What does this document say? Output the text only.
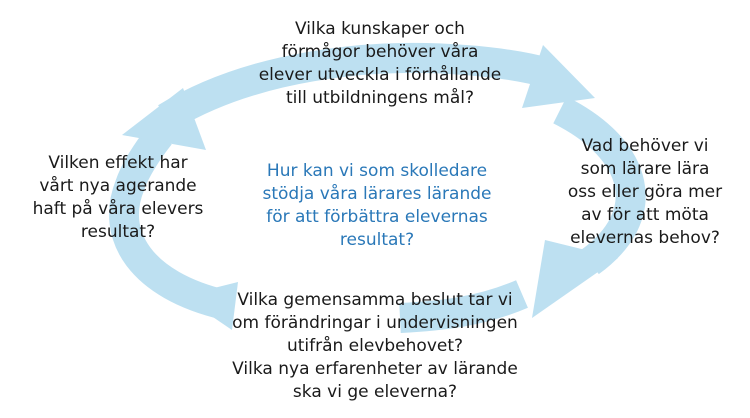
Vilka kunskaper och
förmågor behöver våra
elever utveckla i förhållande
till utbildningens mål?
Vad behöver vi
som lärare lära
oss eller göra mer
av för att möta
elevernas behov?
Vilka gemensamma beslut tar vi
om förändringar i undervisningen
utifrån elevbehovet?
Vilka nya erfarenheter av lärande
ska vi ge eleverna?
Vilken effekt har
vårt nya agerande
haft på våra elevers
resultat?
Hur kan vi som skolledare
stödja våra lärares lärande
för att förbättra elevernas
resultat?
